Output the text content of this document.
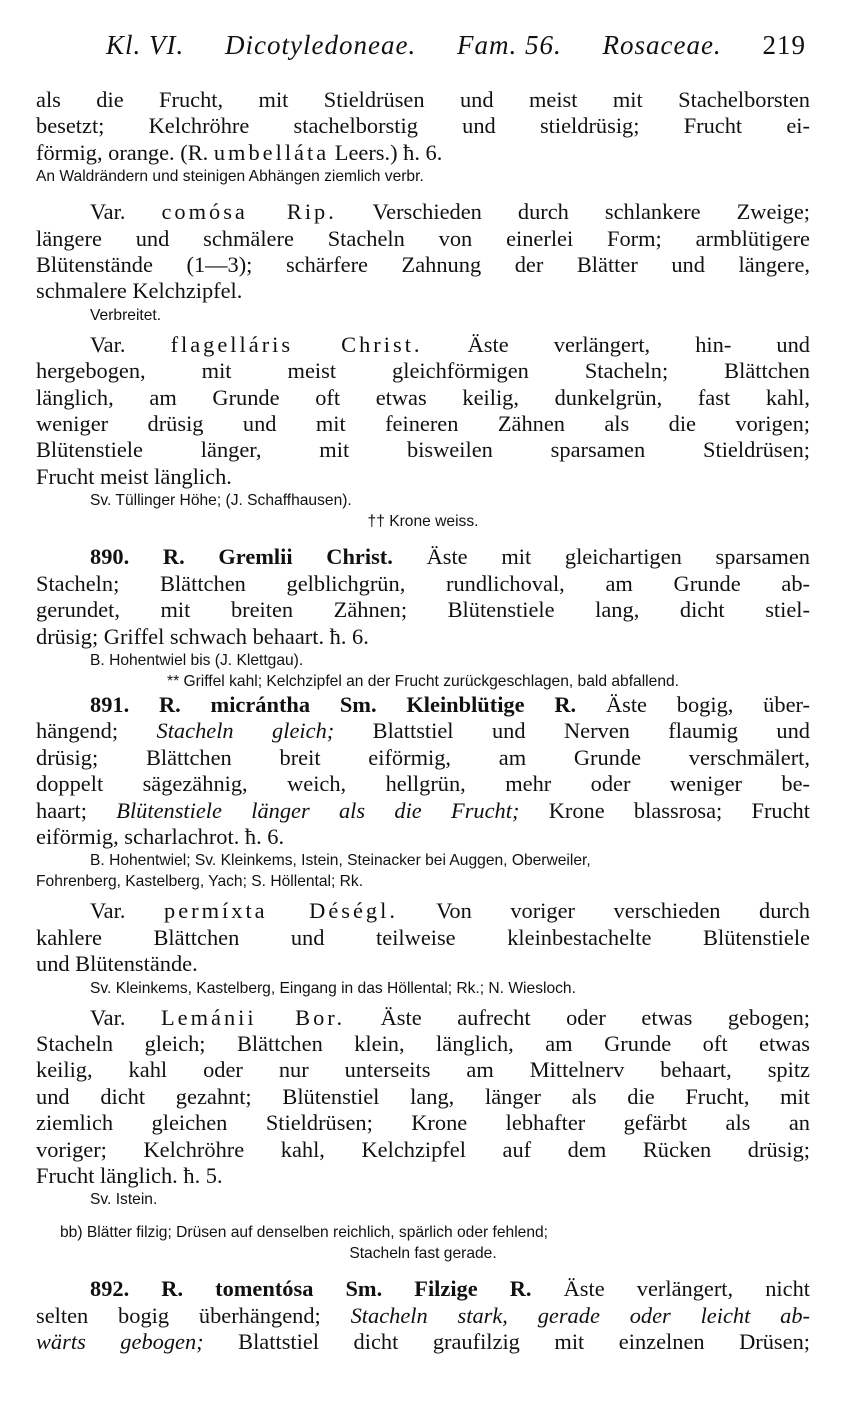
Kl. VI. Dicotyledoneae. Fam. 56. Rosaceae. 219
als die Frucht, mit Stieldrüsen und meist mit Stachelborsten
besetzt; Kelchröhre stachelborstig und stieldrüsig; Frucht ei-
förmig, orange. (R. umbelláta Leers.) ħ. 6.
An Waldrändern und steinigen Abhängen ziemlich verbr.
Var. comósa Rip. Verschieden durch schlankere Zweige;
längere und schmälere Stacheln von einerlei Form; armblütigere
Blütenstände (1—3); schärfere Zahnung der Blätter und längere,
schmalere Kelchzipfel.
Verbreitet.
Var. flagelláris Christ. Äste verlängert, hin- und
hergebogen, mit meist gleichförmigen Stacheln; Blättchen
länglich, am Grunde oft etwas keilig, dunkelgrün, fast kahl,
weniger drüsig und mit feineren Zähnen als die vorigen;
Blütenstiele länger, mit bisweilen sparsamen Stieldrüsen;
Frucht meist länglich.
Sv. Tüllinger Höhe; (J. Schaffhausen).
†† Krone weiss.
890. R. Gremlii Christ. Äste mit gleichartigen sparsamen
Stacheln; Blättchen gelblichgrün, rundlichoval, am Grunde ab-
gerundet, mit breiten Zähnen; Blütenstiele lang, dicht stiel-
drüsig; Griffel schwach behaart. ħ. 6.
B. Hohentwiel bis (J. Klettgau).
** Griffel kahl; Kelchzipfel an der Frucht zurückgeschlagen, bald abfallend.
891. R. micrántha Sm. Kleinblütige R. Äste bogig, über-
hängend; Stacheln gleich; Blattstiel und Nerven flaumig und
drüsig; Blättchen breit eiförmig, am Grunde verschmälert,
doppelt sägezähnig, weich, hellgrün, mehr oder weniger be-
haart; Blütenstiele länger als die Frucht; Krone blassrosa; Frucht
eiförmig, scharlachrot. ħ. 6.
B. Hohentwiel; Sv. Kleinkems, Istein, Steinacker bei Auggen, Oberweiler,
Fohrenberg, Kastelberg, Yach; S. Höllental; Rk.
Var. permíxta Déségl. Von voriger verschieden durch
kahlere Blättchen und teilweise kleinbestachelte Blütenstiele
und Blütenstände.
Sv. Kleinkems, Kastelberg, Eingang in das Höllental; Rk.; N. Wiesloch.
Var. Lemánii Bor. Äste aufrecht oder etwas gebogen;
Stacheln gleich; Blättchen klein, länglich, am Grunde oft etwas
keilig, kahl oder nur unterseits am Mittelnerv behaart, spitz
und dicht gezahnt; Blütenstiel lang, länger als die Frucht, mit
ziemlich gleichen Stieldrüsen; Krone lebhafter gefärbt als an
voriger; Kelchröhre kahl, Kelchzipfel auf dem Rücken drüsig;
Frucht länglich. ħ. 5.
Sv. Istein.
bb) Blätter filzig; Drüsen auf denselben reichlich, spärlich oder fehlend;
Stacheln fast gerade.
892. R. tomentósa Sm. Filzige R. Äste verlängert, nicht
selten bogig überhängend; Stacheln stark, gerade oder leicht ab-
wärts gebogen; Blattstiel dicht graufilzig mit einzelnen Drüsen;
